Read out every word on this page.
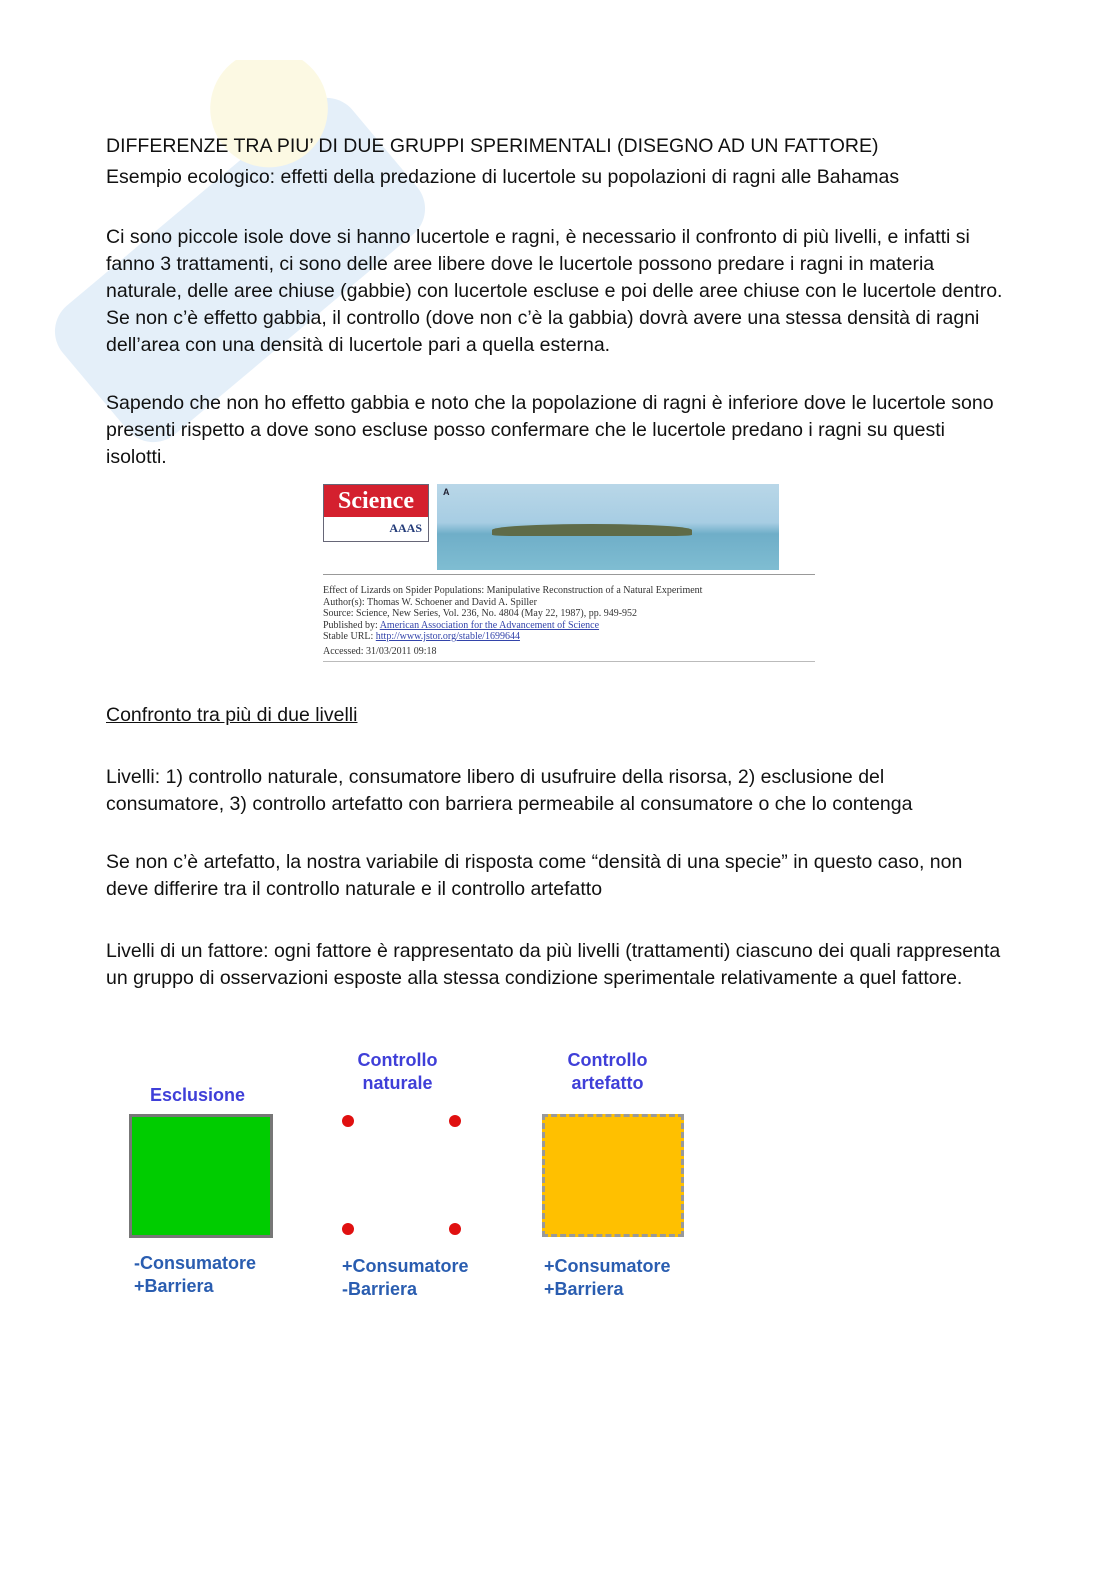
DIFFERENZE TRA PIU’ DI DUE GRUPPI SPERIMENTALI (DISEGNO AD UN FATTORE)

Esempio ecologico: effetti della predazione di lucertole su popolazioni di ragni alle Bahamas

Ci sono piccole isole dove si hanno lucertole e ragni, è necessario il confronto di più livelli, e infatti si fanno 3 trattamenti, ci sono delle aree libere dove le lucertole possono predare i ragni in materia naturale, delle aree chiuse (gabbie) con lucertole escluse e poi delle aree chiuse con le lucertole dentro. Se non c’è effetto gabbia, il controllo (dove non c’è la gabbia) dovrà avere una stessa densità di ragni dell’area con una densità di lucertole pari a quella esterna.

Sapendo che non ho effetto gabbia e noto che la popolazione di ragni è inferiore dove le lucertole sono presenti rispetto a dove sono escluse posso confermare che le lucertole predano i ragni su questi isolotti.

Science
AAAS
A
Effect of Lizards on Spider Populations: Manipulative Reconstruction of a Natural Experiment
Author(s): Thomas W. Schoener and David A. Spiller
Source: Science, New Series, Vol. 236, No. 4804 (May 22, 1987), pp. 949-952
Published by: American Association for the Advancement of Science
Stable URL: http://www.jstor.org/stable/1699644
Accessed: 31/03/2011 09:18

Confronto tra più di due livelli

Livelli: 1) controllo naturale, consumatore libero di usufruire della risorsa, 2) esclusione del consumatore, 3) controllo artefatto con barriera permeabile al consumatore o che lo contenga

Se non c’è artefatto, la nostra variabile di risposta come “densità di una specie” in questo caso, non deve differire tra il controllo naturale e il controllo artefatto

Livelli di un fattore: ogni fattore è rappresentato da più livelli (trattamenti) ciascuno dei quali rappresenta un gruppo di osservazioni esposte alla stessa condizione sperimentale relativamente a quel fattore.

Esclusione
-Consumatore
+Barriera
Controllo
naturale
+Consumatore
-Barriera
Controllo
artefatto
+Consumatore
+Barriera
